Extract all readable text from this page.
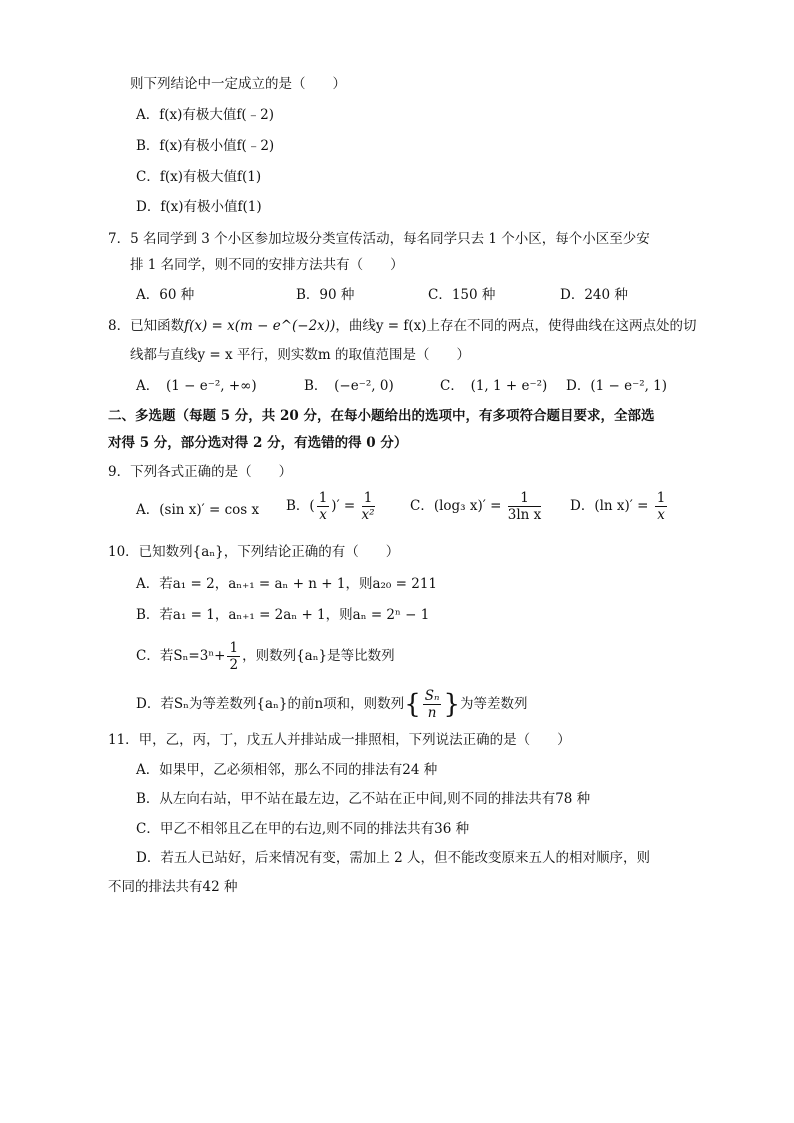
则下列结论中一定成立的是（　　）
A．f(x)有极大值f(﹣2)
B．f(x)有极小值f(﹣2)
C．f(x)有极大值f(1)
D．f(x)有极小值f(1)
7．5 名同学到 3 个小区参加垃圾分类宣传活动，每名同学只去 1 个小区，每个小区至少安
排 1 名同学，则不同的安排方法共有（　　）
A．60 种	B．90 种	C．150 种	D．240 种
8．已知函数f(x) = x(m − e^(−2x))，曲线y = f(x)上存在不同的两点，使得曲线在这两点处的切
线都与直线y = x 平行，则实数m 的取值范围是（　　）
A．　(1 − e⁻², +∞)	B．　(−e⁻², 0)	C．　(1, 1 + e⁻²) D．(1 − e⁻², 1)
二、多选题（每题 5 分，共 20 分，在每小题给出的选项中，有多项符合题目要求，全部选
对得 5 分，部分选对得 2 分，有选错的得 0 分）
9．下列各式正确的是（　　）
A．(sin x)′ = cos x B．( $\frac{1}{x}$ )′ = $\frac{1}{\text{x²}}$	C．(log₃ $x)' = \frac{1}{\text{3ln x}}$ D．(ln $x)' = \frac{1}{x}$
10．已知数列{aₙ}，下列结论正确的有（　　）
A．若a₁ = 2，aₙ₊₁ = aₙ + n + 1，则a₂₀ = 211
B．若a₁ = 1，aₙ₊₁ = 2aₙ + 1，则aₙ = 2ⁿ − 1
C．若$S_n=3^n+ \frac{1}{2}$ ，则数列{aₙ}是等比数列
D．若Sₙ为等差数列{aₙ}的前n项和，则数列{ $\frac{\text{Sₙ}}{n}$ }为等差数列
11．甲，乙，丙，丁，戊五人并排站成一排照相，下列说法正确的是（　　）
A．如果甲，乙必须相邻，那么不同的排法有24 种
B．从左向右站，甲不站在最左边，乙不站在正中间,则不同的排法共有78 种
C．甲乙不相邻且乙在甲的右边,则不同的排法共有36 种
D．若五人已站好，后来情况有变，需加上 2 人，但不能改变原来五人的相对顺序，则
不同的排法共有42 种
